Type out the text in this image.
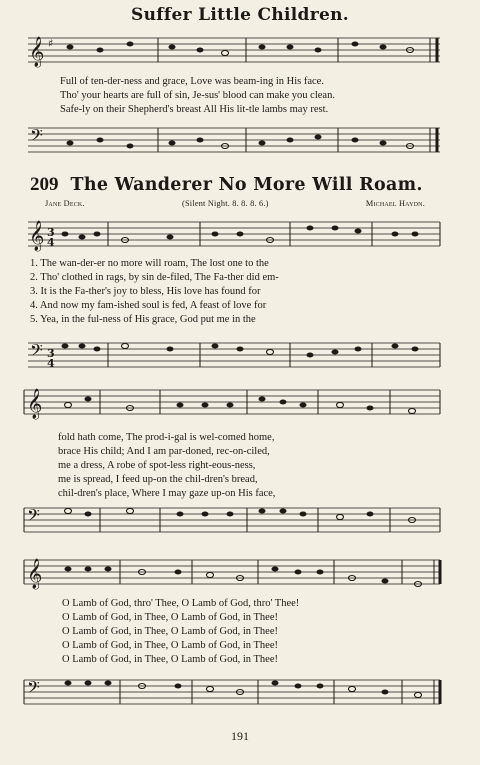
Suffer Little Children.
𝄞 ♯
Full of ten-der-ness and grace, Love was beam-ing in His face.
Tho' your hearts are full of sin, Je-sus' blood can make you clean.
Safe-ly on their Shepherd's breast All His lit-tle lambs may rest.
𝄢
209 The Wanderer No More Will Roam.
Jane Deck.	(Silent Night. 8. 8. 8. 6.)	Michael Haydn.
𝄞 3
4
1. The wan-der-er no more will roam, The lost one to the
2. Tho' clothed in rags, by sin de-filed, The Fa-ther did em-
3. It is the Fa-ther's joy to bless, His love has found for
4. And now my fam-ished soul is fed, A feast of love for
5. Yea, in the ful-ness of His grace, God put me in the
𝄢 3
4
𝄞
fold hath come, The prod-i-gal is wel-comed home,
brace His child; And I am par-doned, rec-on-ciled,
me a dress, A robe of spot-less right-eous-ness,
me is spread, I feed up-on the chil-dren's bread,
chil-dren's place, Where I may gaze up-on His face,
𝄢
𝄞
O Lamb of God, thro' Thee, O Lamb of God, thro' Thee!
O Lamb of God, in Thee, O Lamb of God, in Thee!
O Lamb of God, in Thee, O Lamb of God, in Thee!
O Lamb of God, in Thee, O Lamb of God, in Thee!
O Lamb of God, in Thee, O Lamb of God, in Thee!
𝄢
191
